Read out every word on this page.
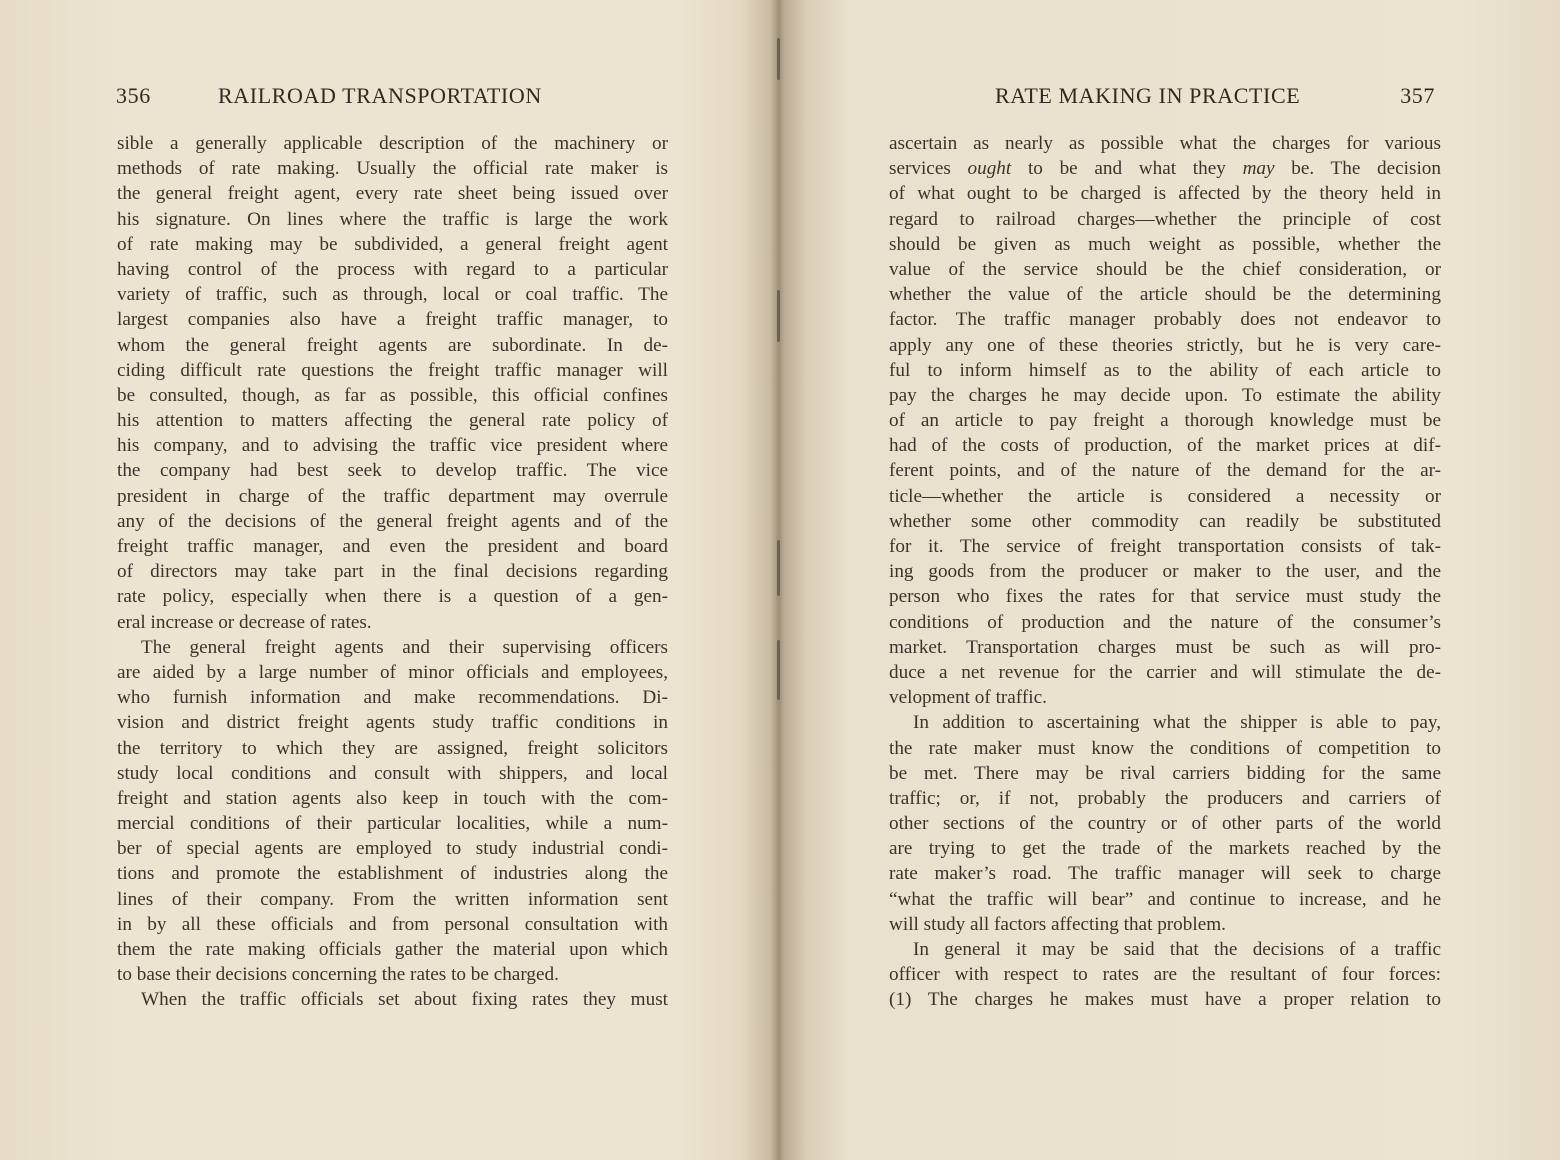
356	RAILROAD TRANSPORTATION
sible a generally applicable description of the machinery or
methods of rate making. Usually the official rate maker is
the general freight agent, every rate sheet being issued over
his signature. On lines where the traffic is large the work
of rate making may be subdivided, a general freight agent
having control of the process with regard to a particular
variety of traffic, such as through, local or coal traffic. The
largest companies also have a freight traffic manager, to
whom the general freight agents are subordinate. In de-
ciding difficult rate questions the freight traffic manager will
be consulted, though, as far as possible, this official confines
his attention to matters affecting the general rate policy of
his company, and to advising the traffic vice president where
the company had best seek to develop traffic. The vice
president in charge of the traffic department may overrule
any of the decisions of the general freight agents and of the
freight traffic manager, and even the president and board
of directors may take part in the final decisions regarding
rate policy, especially when there is a question of a gen-
eral increase or decrease of rates.
The general freight agents and their supervising officers
are aided by a large number of minor officials and employees,
who furnish information and make recommendations. Di-
vision and district freight agents study traffic conditions in
the territory to which they are assigned, freight solicitors
study local conditions and consult with shippers, and local
freight and station agents also keep in touch with the com-
mercial conditions of their particular localities, while a num-
ber of special agents are employed to study industrial condi-
tions and promote the establishment of industries along the
lines of their company. From the written information sent
in by all these officials and from personal consultation with
them the rate making officials gather the material upon which
to base their decisions concerning the rates to be charged.
When the traffic officials set about fixing rates they must
RATE MAKING IN PRACTICE	357
ascertain as nearly as possible what the charges for various
services ought to be and what they may be. The decision
of what ought to be charged is affected by the theory held in
regard to railroad charges—whether the principle of cost
should be given as much weight as possible, whether the
value of the service should be the chief consideration, or
whether the value of the article should be the determining
factor. The traffic manager probably does not endeavor to
apply any one of these theories strictly, but he is very care-
ful to inform himself as to the ability of each article to
pay the charges he may decide upon. To estimate the ability
of an article to pay freight a thorough knowledge must be
had of the costs of production, of the market prices at dif-
ferent points, and of the nature of the demand for the ar-
ticle—whether the article is considered a necessity or
whether some other commodity can readily be substituted
for it. The service of freight transportation consists of tak-
ing goods from the producer or maker to the user, and the
person who fixes the rates for that service must study the
conditions of production and the nature of the consumer’s
market. Transportation charges must be such as will pro-
duce a net revenue for the carrier and will stimulate the de-
velopment of traffic.
In addition to ascertaining what the shipper is able to pay,
the rate maker must know the conditions of competition to
be met. There may be rival carriers bidding for the same
traffic; or, if not, probably the producers and carriers of
other sections of the country or of other parts of the world
are trying to get the trade of the markets reached by the
rate maker’s road. The traffic manager will seek to charge
“what the traffic will bear” and continue to increase, and he
will study all factors affecting that problem.
In general it may be said that the decisions of a traffic
officer with respect to rates are the resultant of four forces:
(1) The charges he makes must have a proper relation to
